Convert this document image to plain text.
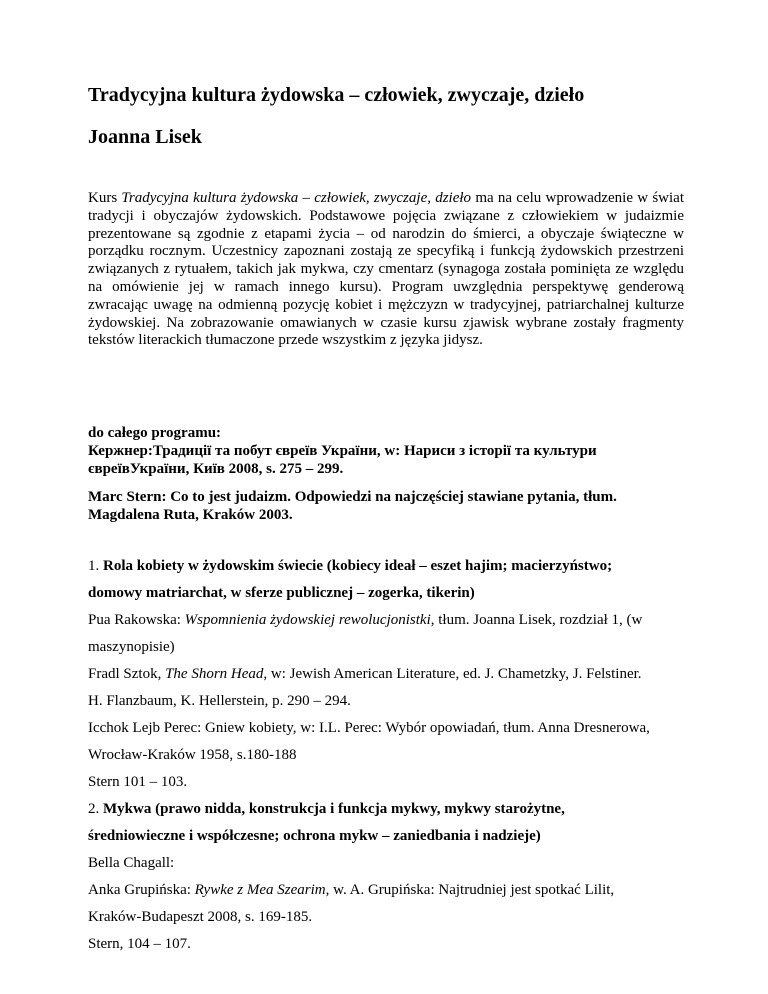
Tradycyjna kultura żydowska – człowiek, zwyczaje, dzieło
Joanna Lisek
Kurs Tradycyjna kultura żydowska – człowiek, zwyczaje, dzieło ma na celu wprowadzenie w świat tradycji i obyczajów żydowskich. Podstawowe pojęcia związane z człowiekiem w judaizmie prezentowane są zgodnie z etapami życia – od narodzin do śmierci, a obyczaje świąteczne w porządku rocznym. Uczestnicy zapoznani zostają ze specyfiką i funkcją żydowskich przestrzeni związanych z rytuałem, takich jak mykwa, czy cmentarz (synagoga została pominięta ze względu na omówienie jej w ramach innego kursu). Program uwzględnia perspektywę genderową zwracając uwagę na odmienną pozycję kobiet i mężczyzn w tradycyjnej, patriarchalnej kulturze żydowskiej. Na zobrazowanie omawianych w czasie kursu zjawisk wybrane zostały fragmenty tekstów literackich tłumaczone przede wszystkim z języka jidysz.
do całego programu:
Кержнер:Традиції та побут євреїв України, w: Нариси з історії та культури євреївУкраїни, Київ 2008, s. 275 – 299.
Marc Stern: Co to jest judaizm. Odpowiedzi na najczęściej stawiane pytania, tłum. Magdalena Ruta, Kraków 2003.
1. Rola kobiety w żydowskim świecie (kobiecy ideał – eszet hajim; macierzyństwo;
domowy matriarchat, w sferze publicznej – zogerka, tikerin)
Pua Rakowska: Wspomnienia żydowskiej rewolucjonistki, tłum. Joanna Lisek, rozdział 1, (w
maszynopisie)
Fradl Sztok, The Shorn Head, w: Jewish American Literature, ed. J. Chametzky, J. Felstiner.
H. Flanzbaum, K. Hellerstein, p. 290 – 294.
Icchok Lejb Perec: Gniew kobiety, w: I.L. Perec: Wybór opowiadań, tłum. Anna Dresnerowa,
Wrocław-Kraków 1958, s.180-188
Stern 101 – 103.
2. Mykwa (prawo nidda, konstrukcja i funkcja mykwy, mykwy starożytne,
średniowieczne i współczesne; ochrona mykw – zaniedbania i nadzieje)
Bella Chagall:
Anka Grupińska: Rywke z Mea Szearim, w. A. Grupińska: Najtrudniej jest spotkać Lilit,
Kraków-Budapeszt 2008, s. 169-185.
Stern, 104 – 107.
